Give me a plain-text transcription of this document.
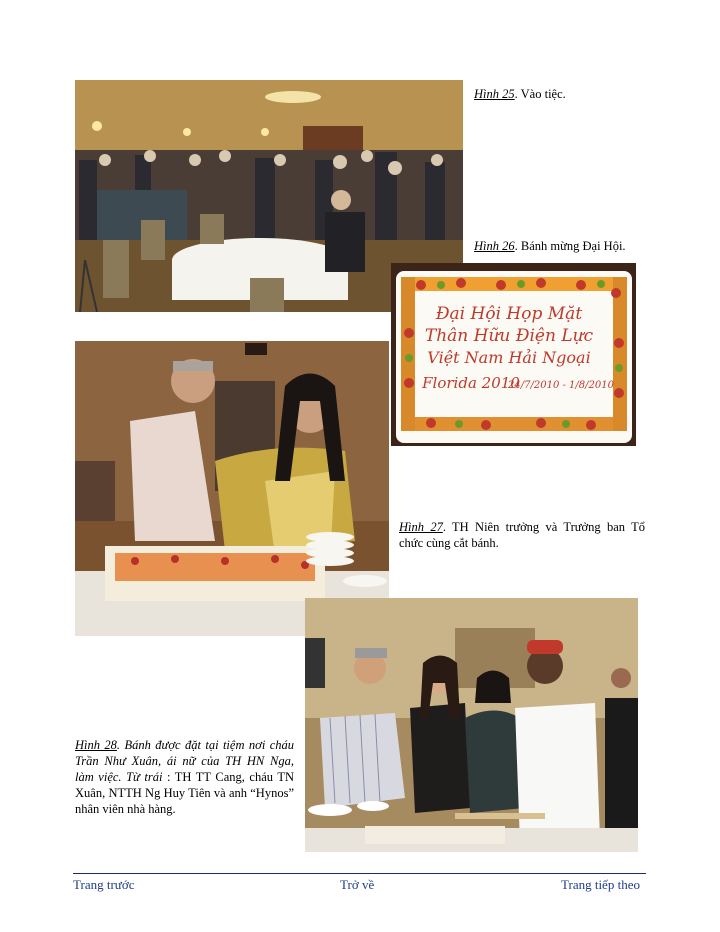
Hình 25. Vào tiệc.
Hình 26. Bánh mừng Đại Hội.
Đại Hội Họp Mặt
Thân Hữu Điện Lực
Việt Nam Hải Ngoại
Florida 2010
24/7/2010 - 1/8/2010
Hình 27. TH Niên trưởng và Trưởng ban Tổ chức cùng cắt bánh.
Hình 28. Bánh được đặt tại tiệm nơi cháu Trần Như Xuân, ái nữ của TH HN Nga, làm việc. Từ trái : TH TT Cang, cháu TN Xuân, NTTH Ng Huy Tiên và anh “Hynos” nhân viên nhà hàng.
Trang trước	Trở về	Trang tiếp theo
